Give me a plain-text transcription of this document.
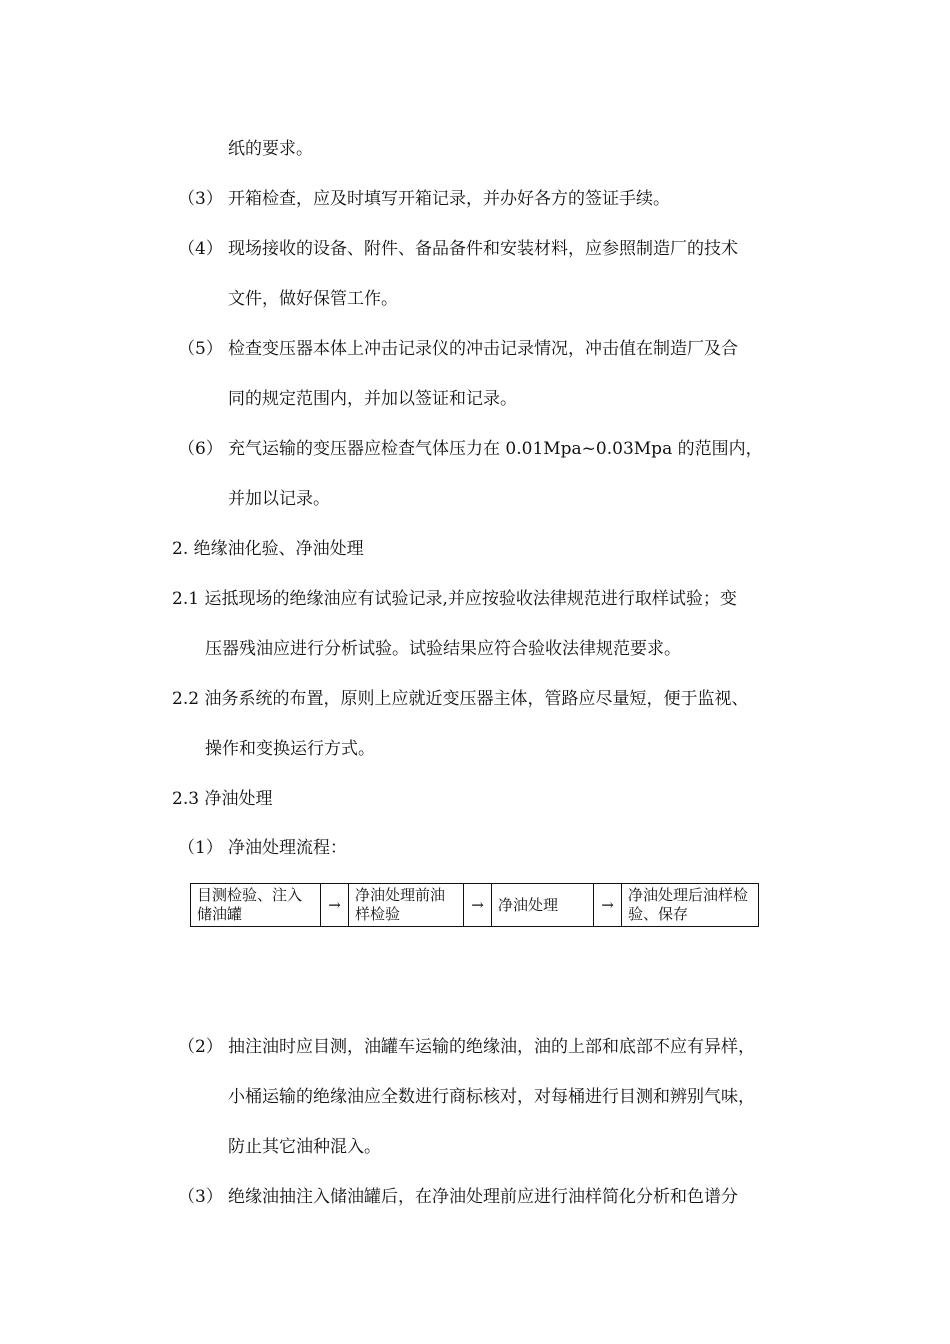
纸的要求。
（3） 开箱检查，应及时填写开箱记录，并办好各方的签证手续。
（4） 现场接收的设备、附件、备品备件和安装材料，应参照制造厂的技术
文件，做好保管工作。
（5） 检查变压器本体上冲击记录仪的冲击记录情况，冲击值在制造厂及合
同的规定范围内，并加以签证和记录。
（6） 充气运输的变压器应检查气体压力在 0.01Mpa~0.03Mpa 的范围内，
并加以记录。
2. 绝缘油化验、净油处理
2.1 运抵现场的绝缘油应有试验记录,并应按验收法律规范进行取样试验；变
压器残油应进行分析试验。试验结果应符合验收法律规范要求。
2.2 油务系统的布置，原则上应就近变压器主体，管路应尽量短，便于监视、
操作和变换运行方式。
2.3 净油处理
（1） 净油处理流程：
目测检验、注入储油罐
→
净油处理前油样检验
→ 净油处理	→
净油处理后油样检验、保存
（2） 抽注油时应目测，油罐车运输的绝缘油，油的上部和底部不应有异样，
小桶运输的绝缘油应全数进行商标核对，对每桶进行目测和辨别气味，
防止其它油种混入。
（3） 绝缘油抽注入储油罐后，在净油处理前应进行油样简化分析和色谱分
